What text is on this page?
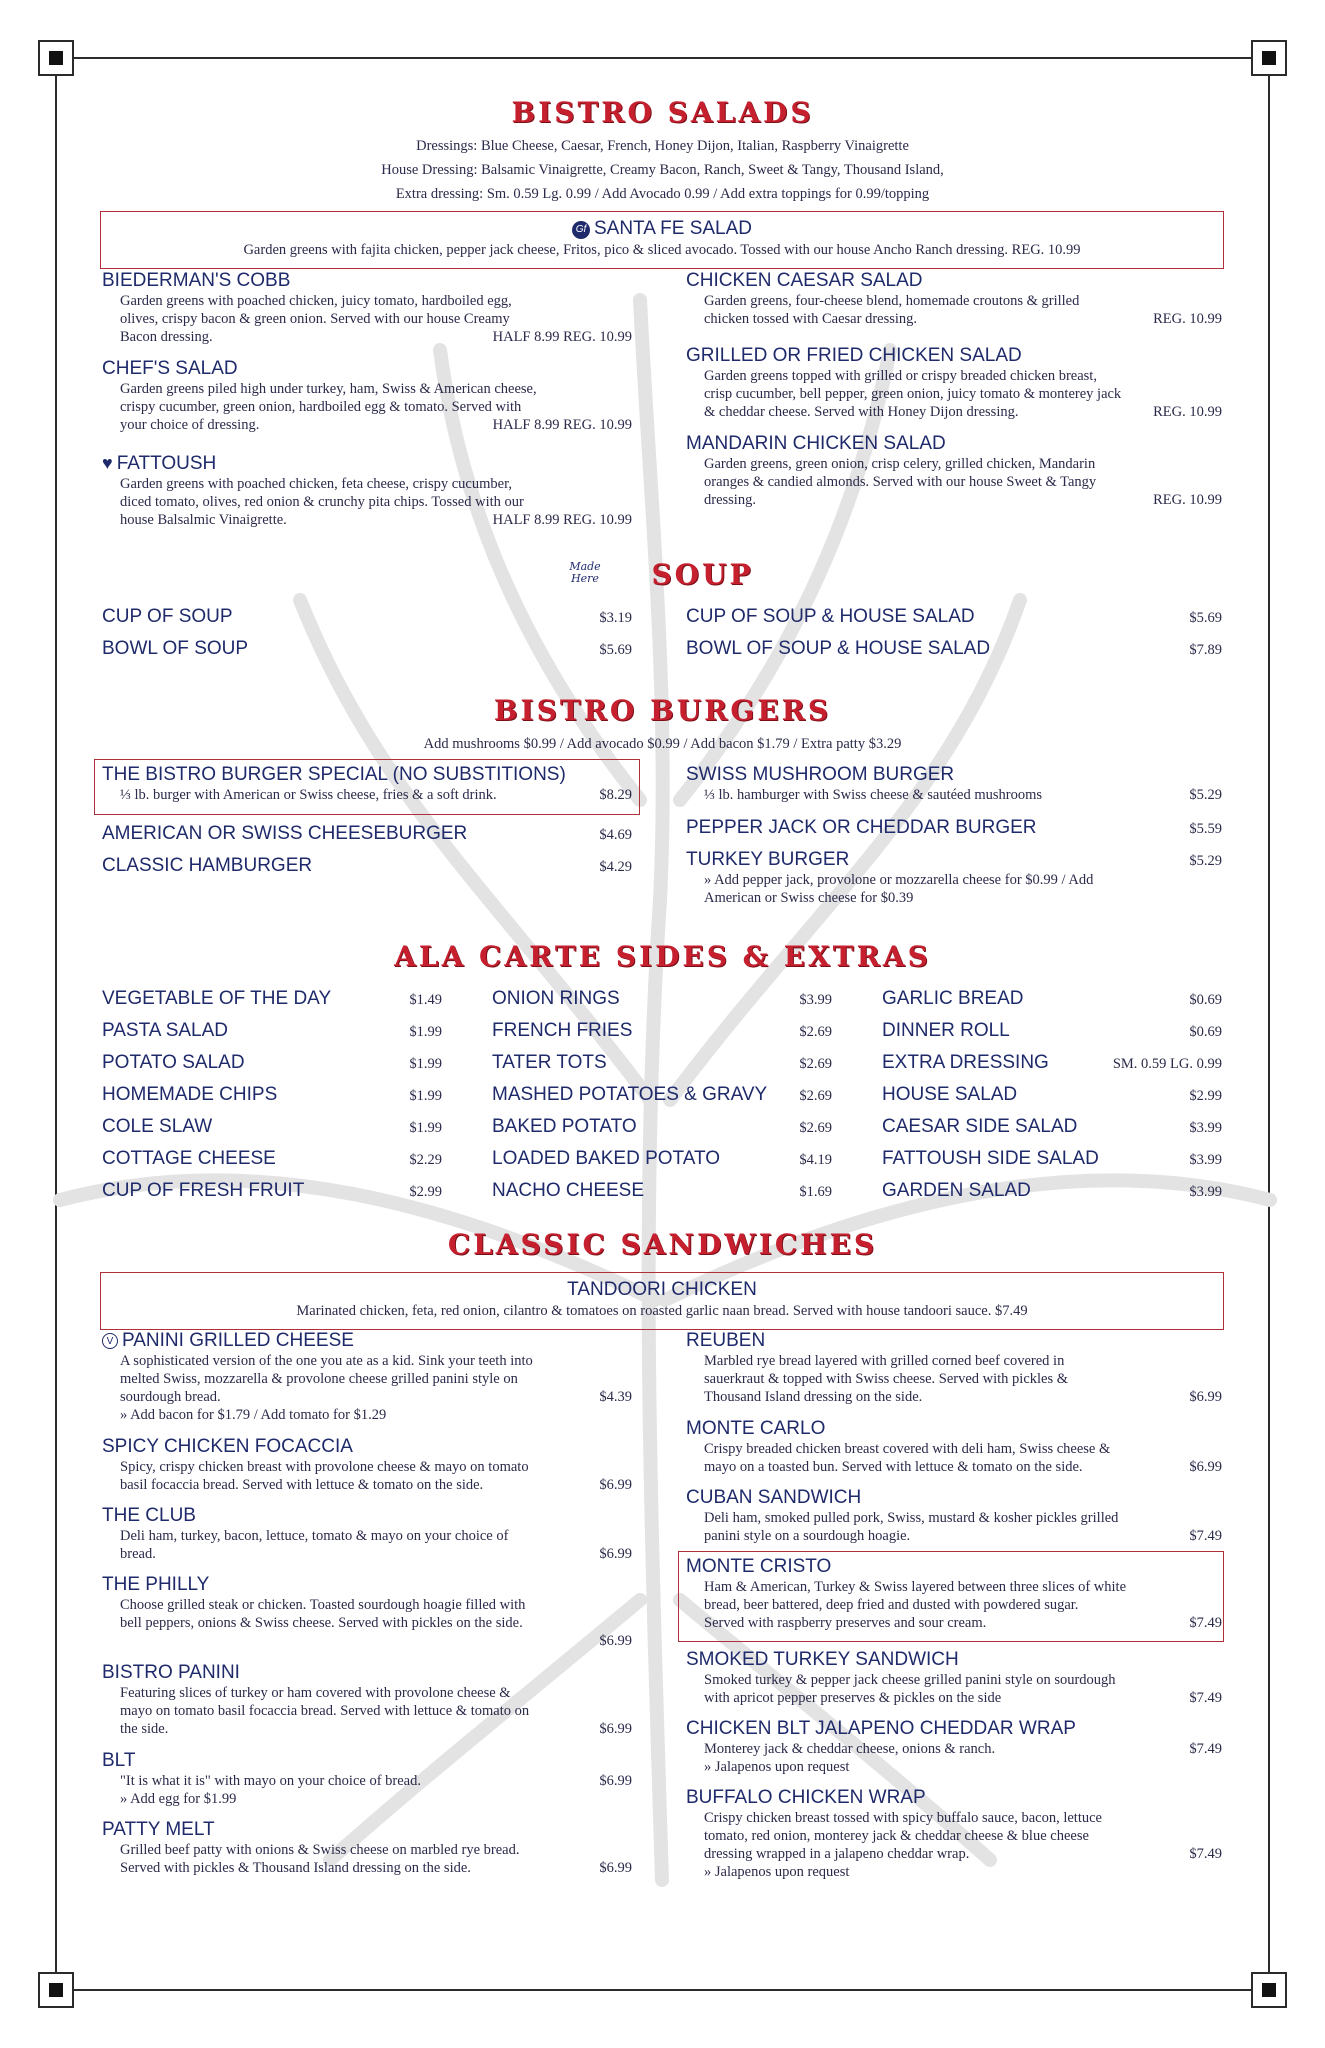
BISTRO SALADS
Dressings: Blue Cheese, Caesar, French, Honey Dijon, Italian, Raspberry Vinaigrette
House Dressing: Balsamic Vinaigrette, Creamy Bacon, Ranch, Sweet & Tangy, Thousand Island,
Extra dressing: Sm. 0.59 Lg. 0.99 / Add Avocado 0.99 / Add extra toppings for 0.99/topping
Gf SANTA FE SALAD
Garden greens with fajita chicken, pepper jack cheese, Fritos, pico & sliced avocado. Tossed with our house Ancho Ranch dressing. REG. 10.99
BIEDERMAN'S COBB
Garden greens with poached chicken, juicy tomato, hardboiled egg,
olives, crispy bacon & green onion. Served with our house Creamy
Bacon dressing.	HALF 8.99 REG. 10.99
CHEF'S SALAD
Garden greens piled high under turkey, ham, Swiss & American cheese,
crispy cucumber, green onion, hardboiled egg & tomato. Served with
your choice of dressing.	HALF 8.99 REG. 10.99
♥ FATTOUSH
Garden greens with poached chicken, feta cheese, crispy cucumber,
diced tomato, olives, red onion & crunchy pita chips. Tossed with our
house Balsalmic Vinaigrette.	HALF 8.99 REG. 10.99
CHICKEN CAESAR SALAD
Garden greens, four-cheese blend, homemade croutons & grilled
chicken tossed with Caesar dressing.	REG. 10.99
GRILLED OR FRIED CHICKEN SALAD
Garden greens topped with grilled or crispy breaded chicken breast,
crisp cucumber, bell pepper, green onion, juicy tomato & monterey jack
& cheddar cheese. Served with Honey Dijon dressing.	REG. 10.99
MANDARIN CHICKEN SALAD
Garden greens, green onion, crisp celery, grilled chicken, Mandarin
oranges & candied almonds. Served with our house Sweet & Tangy
dressing.	REG. 10.99
Made
Here	SOUP
CUP OF SOUP	$3.19
BOWL OF SOUP	$5.69
CUP OF SOUP & HOUSE SALAD	$5.69
BOWL OF SOUP & HOUSE SALAD	$7.89
BISTRO BURGERS
Add mushrooms $0.99 / Add avocado $0.99 / Add bacon $1.79 / Extra patty $3.29
THE BISTRO BURGER SPECIAL (NO SUBSTITIONS)
⅓ lb. burger with American or Swiss cheese, fries & a soft drink.	$8.29
AMERICAN OR SWISS CHEESEBURGER	$4.69
CLASSIC HAMBURGER	$4.29
SWISS MUSHROOM BURGER
⅓ lb. hamburger with Swiss cheese & sautéed mushrooms	$5.29
PEPPER JACK OR CHEDDAR BURGER	$5.59
TURKEY BURGER	$5.29
» Add pepper jack, provolone or mozzarella cheese for $0.99 / Add
American or Swiss cheese for $0.39
ALA CARTE SIDES & EXTRAS
VEGETABLE OF THE DAY	$1.49
PASTA SALAD	$1.99
POTATO SALAD	$1.99
HOMEMADE CHIPS	$1.99
COLE SLAW	$1.99
COTTAGE CHEESE	$2.29
CUP OF FRESH FRUIT	$2.99
ONION RINGS	$3.99
FRENCH FRIES	$2.69
TATER TOTS	$2.69
MASHED POTATOES & GRAVY $2.69
BAKED POTATO	$2.69
LOADED BAKED POTATO	$4.19
NACHO CHEESE	$1.69
GARLIC BREAD	$0.69
DINNER ROLL	$0.69
EXTRA DRESSING	SM. 0.59 LG. 0.99
HOUSE SALAD	$2.99
CAESAR SIDE SALAD	$3.99
FATTOUSH SIDE SALAD	$3.99
GARDEN SALAD	$3.99
CLASSIC SANDWICHES
TANDOORI CHICKEN
Marinated chicken, feta, red onion, cilantro & tomatoes on roasted garlic naan bread. Served with house tandoori sauce. $7.49
V PANINI GRILLED CHEESE
A sophisticated version of the one you ate as a kid. Sink your teeth into
melted Swiss, mozzarella & provolone cheese grilled panini style on
sourdough bread.	$4.39
» Add bacon for $1.79 / Add tomato for $1.29
SPICY CHICKEN FOCACCIA
Spicy, crispy chicken breast with provolone cheese & mayo on tomato
basil focaccia bread. Served with lettuce & tomato on the side.	$6.99
THE CLUB
Deli ham, turkey, bacon, lettuce, tomato & mayo on your choice of
bread.	$6.99
THE PHILLY
Choose grilled steak or chicken. Toasted sourdough hoagie filled with
bell peppers, onions & Swiss cheese. Served with pickles on the side.
$6.99
BISTRO PANINI
Featuring slices of turkey or ham covered with provolone cheese &
mayo on tomato basil focaccia bread. Served with lettuce & tomato on
the side.	$6.99
BLT
"It is what it is" with mayo on your choice of bread.	$6.99
» Add egg for $1.99
PATTY MELT
Grilled beef patty with onions & Swiss cheese on marbled rye bread.
Served with pickles & Thousand Island dressing on the side.	$6.99
REUBEN
Marbled rye bread layered with grilled corned beef covered in
sauerkraut & topped with Swiss cheese. Served with pickles &
Thousand Island dressing on the side.	$6.99
MONTE CARLO
Crispy breaded chicken breast covered with deli ham, Swiss cheese &
mayo on a toasted bun. Served with lettuce & tomato on the side.	$6.99
CUBAN SANDWICH
Deli ham, smoked pulled pork, Swiss, mustard & kosher pickles grilled
panini style on a sourdough hoagie.	$7.49
MONTE CRISTO
Ham & American, Turkey & Swiss layered between three slices of white
bread, beer battered, deep fried and dusted with powdered sugar.
Served with raspberry preserves and sour cream.	$7.49
SMOKED TURKEY SANDWICH
Smoked turkey & pepper jack cheese grilled panini style on sourdough
with apricot pepper preserves & pickles on the side	$7.49
CHICKEN BLT JALAPENO CHEDDAR WRAP
Monterey jack & cheddar cheese, onions & ranch.	$7.49
» Jalapenos upon request
BUFFALO CHICKEN WRAP
Crispy chicken breast tossed with spicy buffalo sauce, bacon, lettuce
tomato, red onion, monterey jack & cheddar cheese & blue cheese
dressing wrapped in a jalapeno cheddar wrap.	$7.49
» Jalapenos upon request
